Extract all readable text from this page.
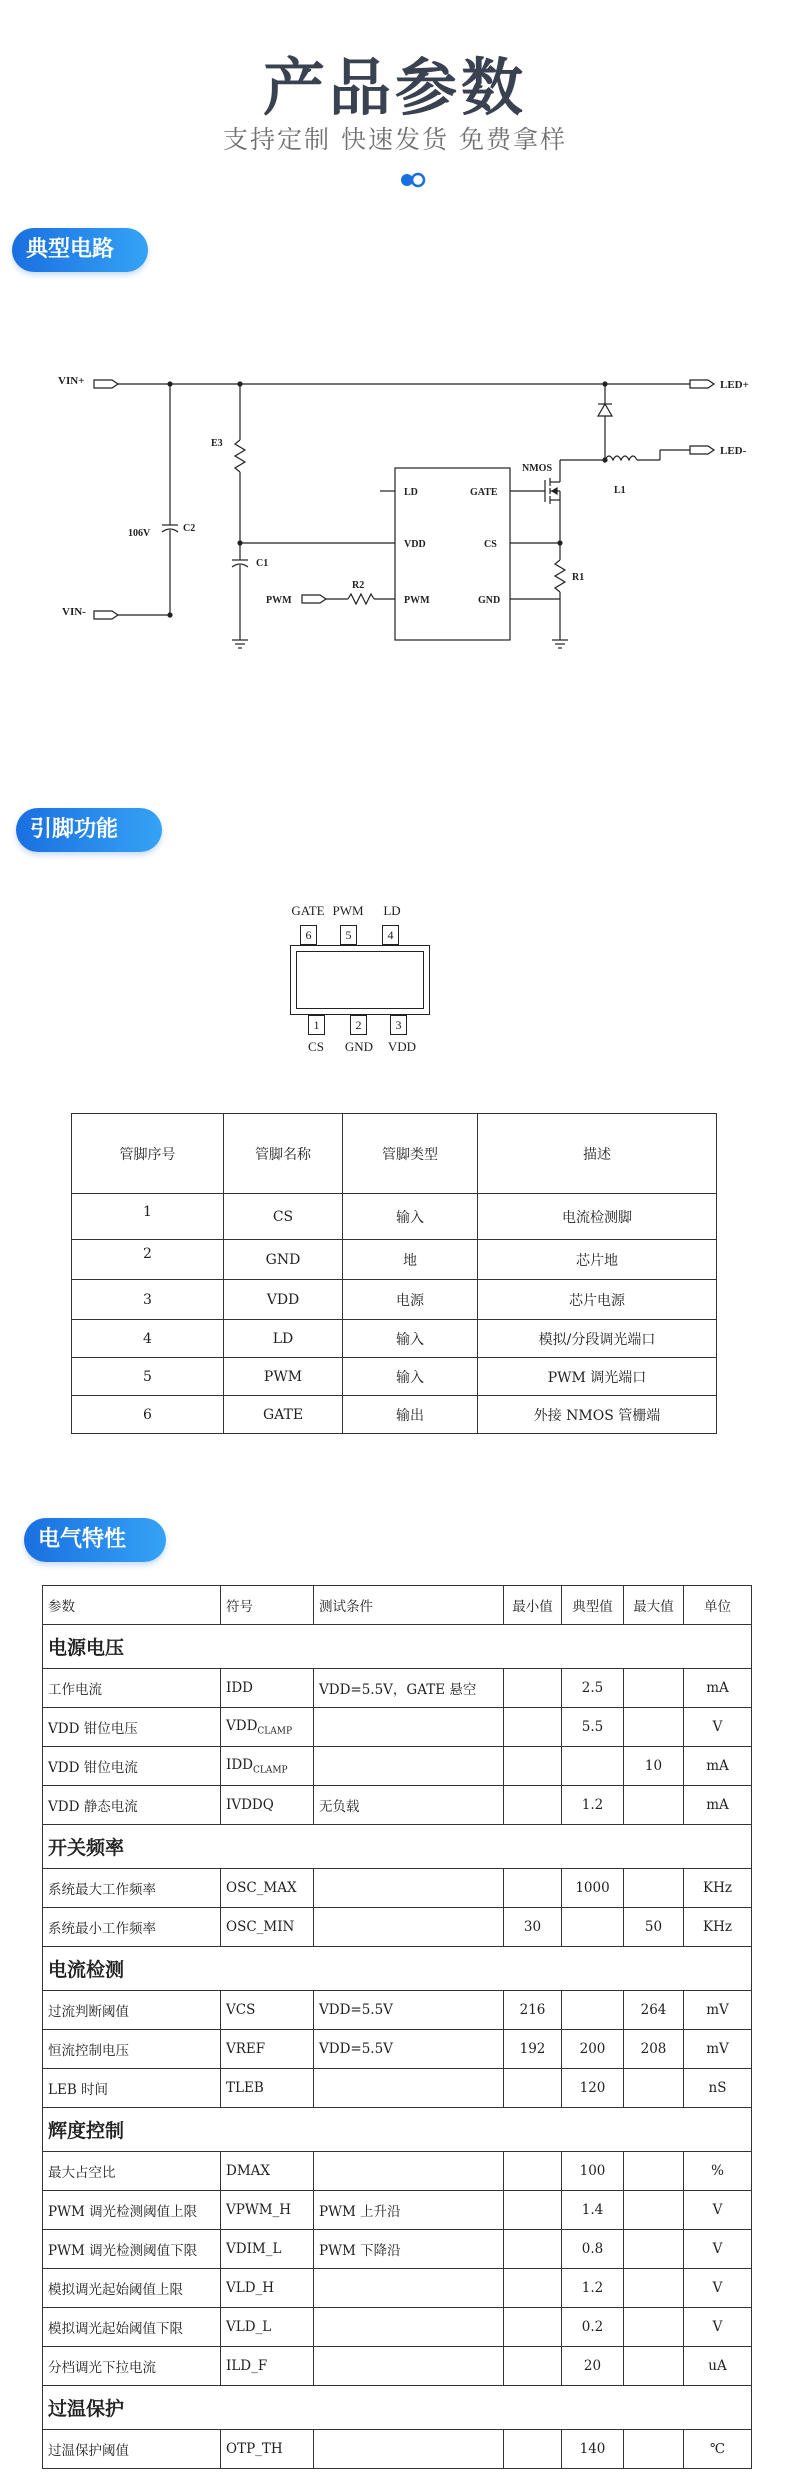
产品参数
支持定制 快速发货 免费拿样
典型电路
VIN+	LED+
VIN-
106V	C2
E3
C1
PWM
R2
LD
VDD
PWM
GATE
CS
GND
NMOS
R1
LED-
L1
引脚功能
GATE PWM	LD
6	5	4
1	2	3
CS	GND	VDD
管脚序号	管脚名称	管脚类型	描述
1	CS	输入	电流检测脚
2	GND	地	芯片地
3	VDD	电源	芯片电源
4	LD	输入	模拟/分段调光端口
5	PWM	输入	PWM 调光端口
6	GATE	输出	外接 NMOS 管栅端
电气特性
参数	符号	测试条件	最小值	典型值	最大值	单位
电源电压						
工作电流	IDD	VDD=5.5V，GATE 悬空		2.5		mA
VDD 钳位电压	$VDD_{CLAMP}$			5.5		V
VDD 钳位电流	$IDD_{CLAMP}$				10	mA
VDD 静态电流	IVDDQ	无负载		1.2		mA
开关频率						
系统最大工作频率	OSC_MAX			1000		KHz
系统最小工作频率	OSC_MIN		30		50	KHz
电流检测						
过流判断阈值	VCS	VDD=5.5V	216		264	mV
恒流控制电压	VREF	VDD=5.5V	192	200	208	mV
LEB 时间	TLEB			120		nS
辉度控制						
最大占空比	DMAX			100		%
PWM 调光检测阈值上限	VPWM_H	PWM 上升沿		1.4		V
PWM 调光检测阈值下限	VDIM_L	PWM 下降沿		0.8		V
模拟调光起始阈值上限	VLD_H			1.2		V
模拟调光起始阈值下限	VLD_L			0.2		V
分档调光下拉电流	ILD_F			20		uA
过温保护						
过温保护阈值	OTP_TH			140		℃
